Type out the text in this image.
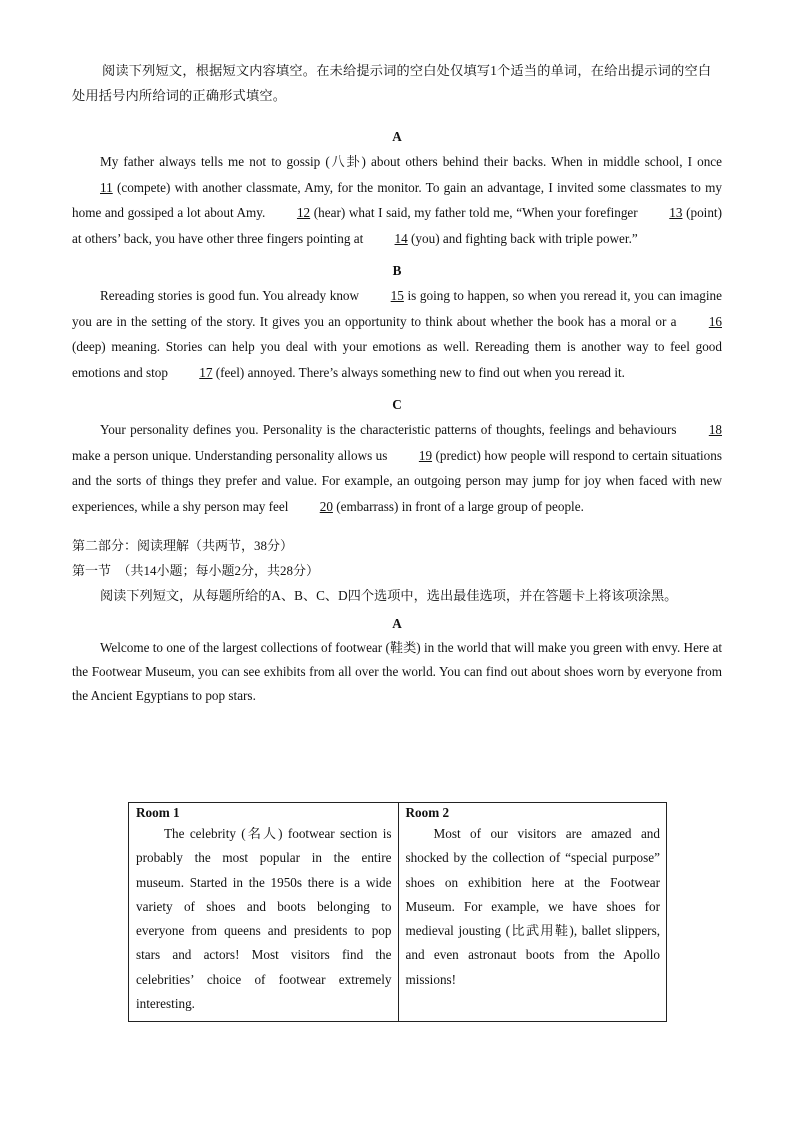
阅读下列短文，根据短文内容填空。在未给提示词的空白处仅填写1个适当的单词，在给出提示词的空白处用括号内所给词的正确形式填空。

A

My father always tells me not to gossip (八卦) about others behind their backs. When in middle school, I once 11 (compete) with another classmate, Amy, for the monitor. To gain an advantage, I invited some classmates to my home and gossiped a lot about Amy. 12 (hear) what I said, my father told me, “When your forefinger 13 (point) at others’ back, you have other three fingers pointing at 14 (you) and fighting back with triple power.”

B

Rereading stories is good fun. You already know 15 is going to happen, so when you reread it, you can imagine you are in the setting of the story. It gives you an opportunity to think about whether the book has a moral or a 16 (deep) meaning. Stories can help you deal with your emotions as well. Rereading them is another way to feel good emotions and stop 17 (feel) annoyed. There’s always something new to find out when you reread it.

C

Your personality defines you. Personality is the characteristic patterns of thoughts, feelings and behaviours 18 make a person unique. Understanding personality allows us 19 (predict) how people will respond to certain situations and the sorts of things they prefer and value. For example, an outgoing person may jump for joy when faced with new experiences, while a shy person may feel 20 (embarrass) in front of a large group of people.

第二部分：阅读理解（共两节，38分）

第一节　（共14小题；每小题2分，共28分）

阅读下列短文，从每题所给的A、B、C、D四个选项中，选出最佳选项，并在答题卡上将该项涂黑。

A

Welcome to one of the largest collections of footwear (鞋类) in the world that will make you green with envy. Here at the Footwear Museum, you can see exhibits from all over the world. You can find out about shoes worn by everyone from the Ancient Egyptians to pop stars.

Room 1

The celebrity (名人) footwear section is probably the most popular in the entire museum. Started in the 1950s there is a wide variety of shoes and boots belonging to everyone from queens and presidents to pop stars and actors! Most visitors find the celebrities’ choice of footwear extremely interesting.

Room 2

Most of our visitors are amazed and shocked by the collection of “special purpose” shoes on exhibition here at the Footwear Museum. For example, we have shoes for medieval jousting (比武用鞋), ballet slippers, and even astronaut boots from the Apollo missions!
